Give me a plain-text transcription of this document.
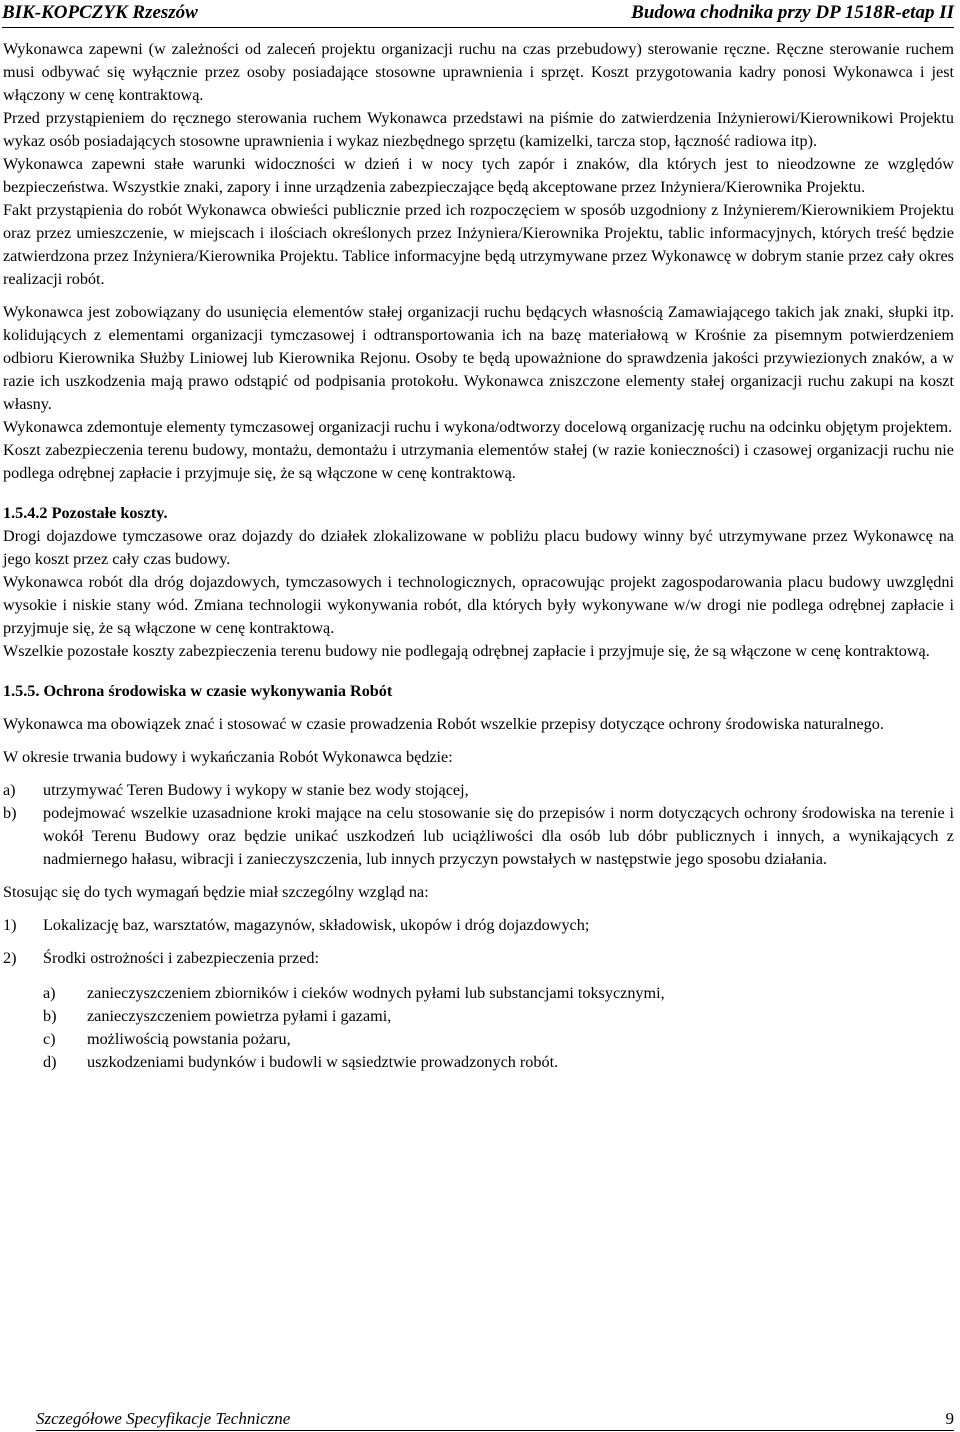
BIK-KOPCZYK Rzeszów	Budowa chodnika przy DP 1518R-etap II

Wykonawca zapewni (w zależności od zaleceń projektu organizacji ruchu na czas przebudowy) sterowanie ręczne. Ręczne sterowanie ruchem musi odbywać się wyłącznie przez osoby posiadające stosowne uprawnienia i sprzęt. Koszt przygotowania kadry ponosi Wykonawca i jest włączony w cenę kontraktową.

Przed przystąpieniem do ręcznego sterowania ruchem Wykonawca przedstawi na piśmie do zatwierdzenia Inżynierowi/Kierownikowi Projektu wykaz osób posiadających stosowne uprawnienia i wykaz niezbędnego sprzętu (kamizelki, tarcza stop, łączność radiowa itp).

Wykonawca zapewni stałe warunki widoczności w dzień i w nocy tych zapór i znaków, dla których jest to nieodzowne ze względów bezpieczeństwa. Wszystkie znaki, zapory i inne urządzenia zabezpieczające będą akceptowane przez Inżyniera/Kierownika Projektu.

Fakt przystąpienia do robót Wykonawca obwieści publicznie przed ich rozpoczęciem w sposób uzgodniony z Inżynierem/Kierownikiem Projektu oraz przez umieszczenie, w miejscach i ilościach określonych przez Inżyniera/Kierownika Projektu, tablic informacyjnych, których treść będzie zatwierdzona przez Inżyniera/Kierownika Projektu. Tablice informacyjne będą utrzymywane przez Wykonawcę w dobrym stanie przez cały okres realizacji robót.

Wykonawca jest zobowiązany do usunięcia elementów stałej organizacji ruchu będących własnością Zamawiającego takich jak znaki, słupki itp. kolidujących z elementami organizacji tymczasowej i odtransportowania ich na bazę materiałową w Krośnie za pisemnym potwierdzeniem odbioru Kierownika Służby Liniowej lub Kierownika Rejonu. Osoby te będą upoważnione do sprawdzenia jakości przywiezionych znaków, a w razie ich uszkodzenia mają prawo odstąpić od podpisania protokołu. Wykonawca zniszczone elementy stałej organizacji ruchu zakupi na koszt własny.

Wykonawca zdemontuje elementy tymczasowej organizacji ruchu i wykona/odtworzy docelową organizację ruchu na odcinku objętym projektem.

Koszt zabezpieczenia terenu budowy, montażu, demontażu i utrzymania elementów stałej (w razie konieczności) i czasowej organizacji ruchu nie podlega odrębnej zapłacie i przyjmuje się, że są włączone w cenę kontraktową.

1.5.4.2 Pozostałe koszty.

Drogi dojazdowe tymczasowe oraz dojazdy do działek zlokalizowane w pobliżu placu budowy winny być utrzymywane przez Wykonawcę na jego koszt przez cały czas budowy.

Wykonawca robót dla dróg dojazdowych, tymczasowych i technologicznych, opracowując projekt zagospodarowania placu budowy uwzględni wysokie i niskie stany wód. Zmiana technologii wykonywania robót, dla których były wykonywane w/w drogi nie podlega odrębnej zapłacie i przyjmuje się, że są włączone w cenę kontraktową.

Wszelkie pozostałe koszty zabezpieczenia terenu budowy nie podlegają odrębnej zapłacie i przyjmuje się, że są włączone w cenę kontraktową.

1.5.5. Ochrona środowiska w czasie wykonywania Robót

Wykonawca ma obowiązek znać i stosować w czasie prowadzenia Robót wszelkie przepisy dotyczące ochrony środowiska naturalnego.

W okresie trwania budowy i wykańczania Robót Wykonawca będzie:

a) utrzymywać Teren Budowy i wykopy w stanie bez wody stojącej,
b) podejmować wszelkie uzasadnione kroki mające na celu stosowanie się do przepisów i norm dotyczących ochrony środowiska na terenie i wokół Terenu Budowy oraz będzie unikać uszkodzeń lub uciążliwości dla osób lub dóbr publicznych i innych, a wynikających z nadmiernego hałasu, wibracji i zanieczyszczenia, lub innych przyczyn powstałych w następstwie jego sposobu działania.

Stosując się do tych wymagań będzie miał szczególny wzgląd na:

1) Lokalizację baz, warsztatów, magazynów, składowisk, ukopów i dróg dojazdowych;
2) Środki ostrożności i zabezpieczenia przed:
a) zanieczyszczeniem zbiorników i cieków wodnych pyłami lub substancjami toksycznymi,
b) zanieczyszczeniem powietrza pyłami i gazami,
c) możliwością powstania pożaru,
d) uszkodzeniami budynków i budowli w sąsiedztwie prowadzonych robót.
Szczegółowe Specyfikacje Techniczne	9
